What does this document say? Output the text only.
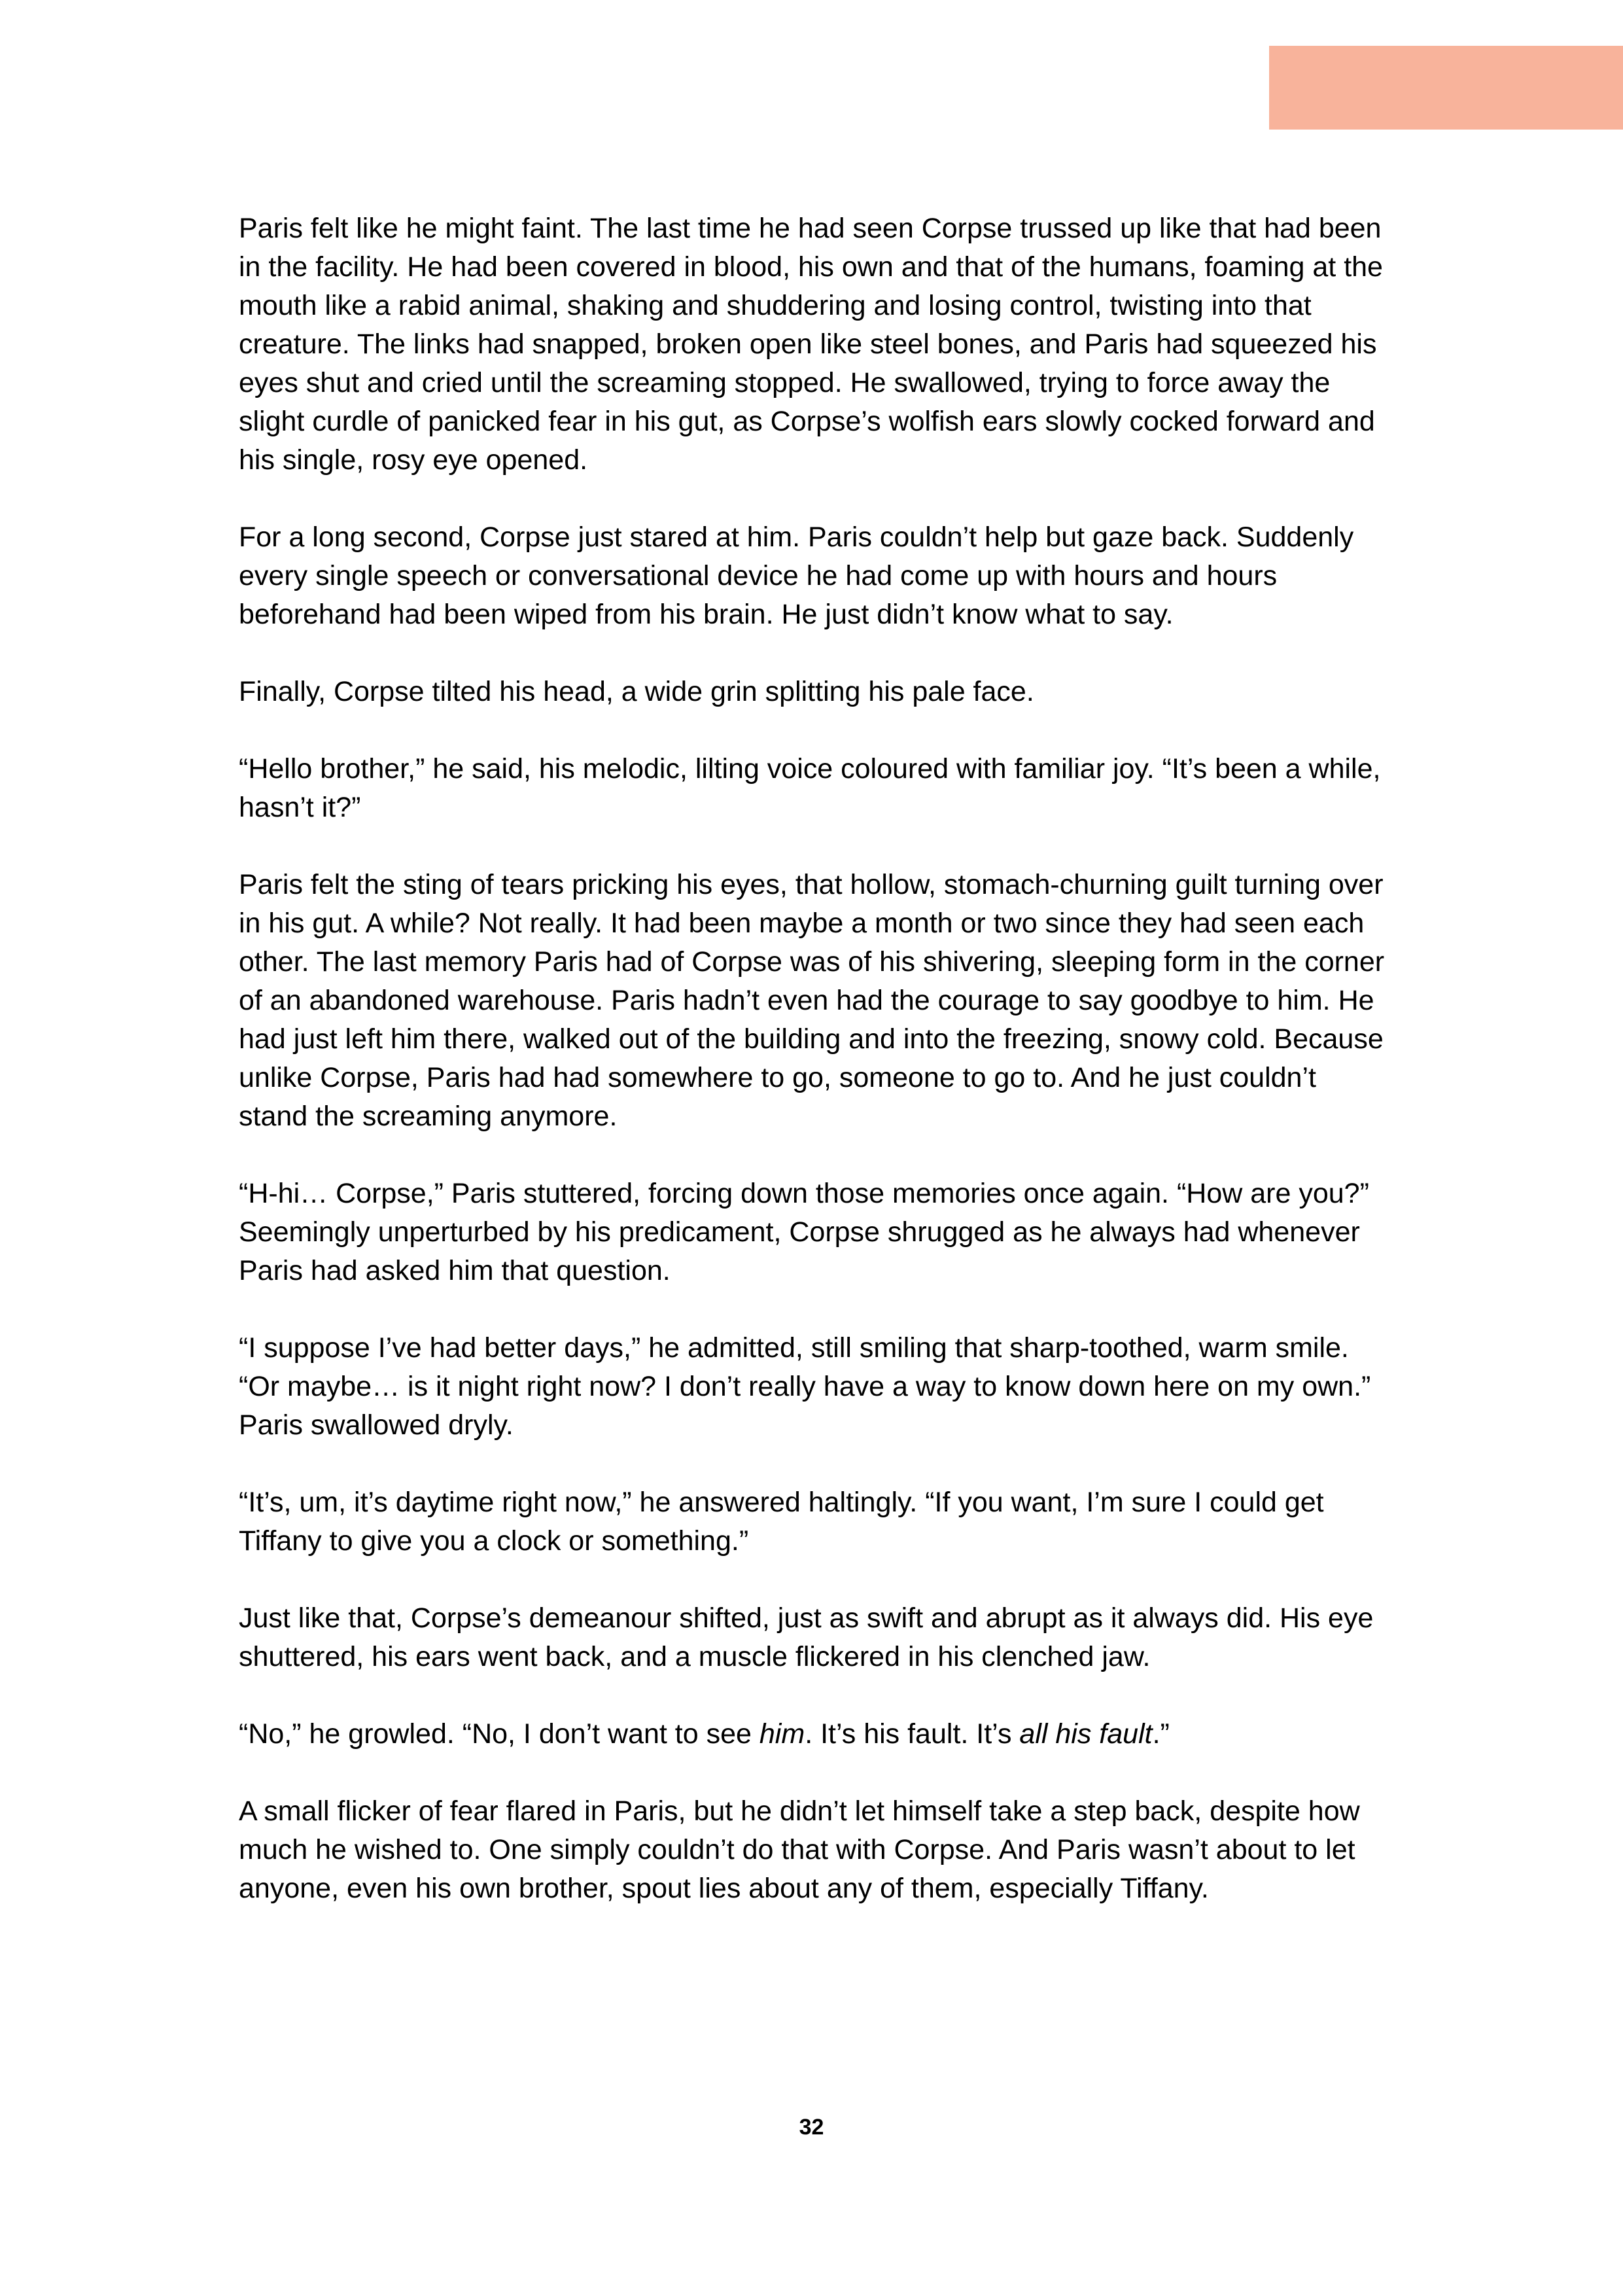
Paris felt like he might faint. The last time he had seen Corpse trussed up like that had been in the facility. He had been covered in blood, his own and that of the humans, foaming at the mouth like a rabid animal, shaking and shuddering and losing control, twisting into that creature. The links had snapped, broken open like steel bones, and Paris had squeezed his eyes shut and cried until the screaming stopped. He swallowed, trying to force away the slight curdle of panicked fear in his gut, as Corpse’s wolfish ears slowly cocked forward and his single, rosy eye opened.

For a long second, Corpse just stared at him. Paris couldn’t help but gaze back. Suddenly every single speech or conversational device he had come up with hours and hours beforehand had been wiped from his brain. He just didn’t know what to say.

Finally, Corpse tilted his head, a wide grin splitting his pale face.

“Hello brother,” he said, his melodic, lilting voice coloured with familiar joy. “It’s been a while, hasn’t it?”

Paris felt the sting of tears pricking his eyes, that hollow, stomach-churning guilt turning over in his gut. A while? Not really. It had been maybe a month or two since they had seen each other. The last memory Paris had of Corpse was of his shivering, sleeping form in the corner of an abandoned warehouse. Paris hadn’t even had the courage to say goodbye to him. He had just left him there, walked out of the building and into the freezing, snowy cold. Because unlike Corpse, Paris had had somewhere to go, someone to go to. And he just couldn’t stand the screaming anymore.

“H-hi… Corpse,” Paris stuttered, forcing down those memories once again. “How are you?”

Seemingly unperturbed by his predicament, Corpse shrugged as he always had whenever Paris had asked him that question.

“I suppose I’ve had better days,” he admitted, still smiling that sharp-toothed, warm smile. “Or maybe… is it night right now? I don’t really have a way to know down here on my own.”

Paris swallowed dryly.

“It’s, um, it’s daytime right now,” he answered haltingly. “If you want, I’m sure I could get Tiffany to give you a clock or something.”

Just like that, Corpse’s demeanour shifted, just as swift and abrupt as it always did. His eye shuttered, his ears went back, and a muscle flickered in his clenched jaw.

“No,” he growled. “No, I don’t want to see him. It’s his fault. It’s all his fault.”

A small flicker of fear flared in Paris, but he didn’t let himself take a step back, despite how much he wished to. One simply couldn’t do that with Corpse. And Paris wasn’t about to let anyone, even his own brother, spout lies about any of them, especially Tiffany.

32
